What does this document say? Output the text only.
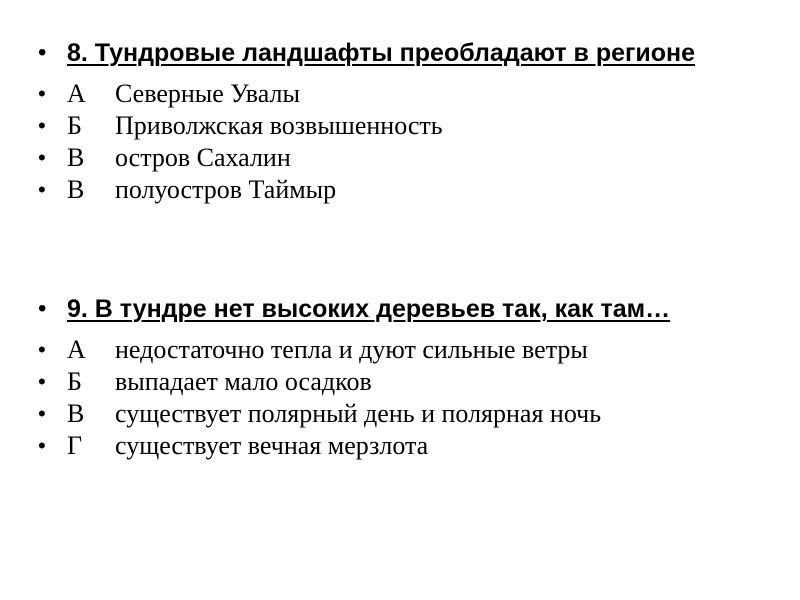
• 8. Тундровые ландшафты преобладают в регионе
• А Северные Увалы
• Б Приволжская возвышенность
• В остров Сахалин
• В полуостров Таймыр
• 9. В тундре нет высоких деревьев так, как там…
• А недостаточно тепла и дуют сильные ветры
• Б выпадает мало осадков
• В существует полярный день и полярная ночь
• Г существует вечная мерзлота
